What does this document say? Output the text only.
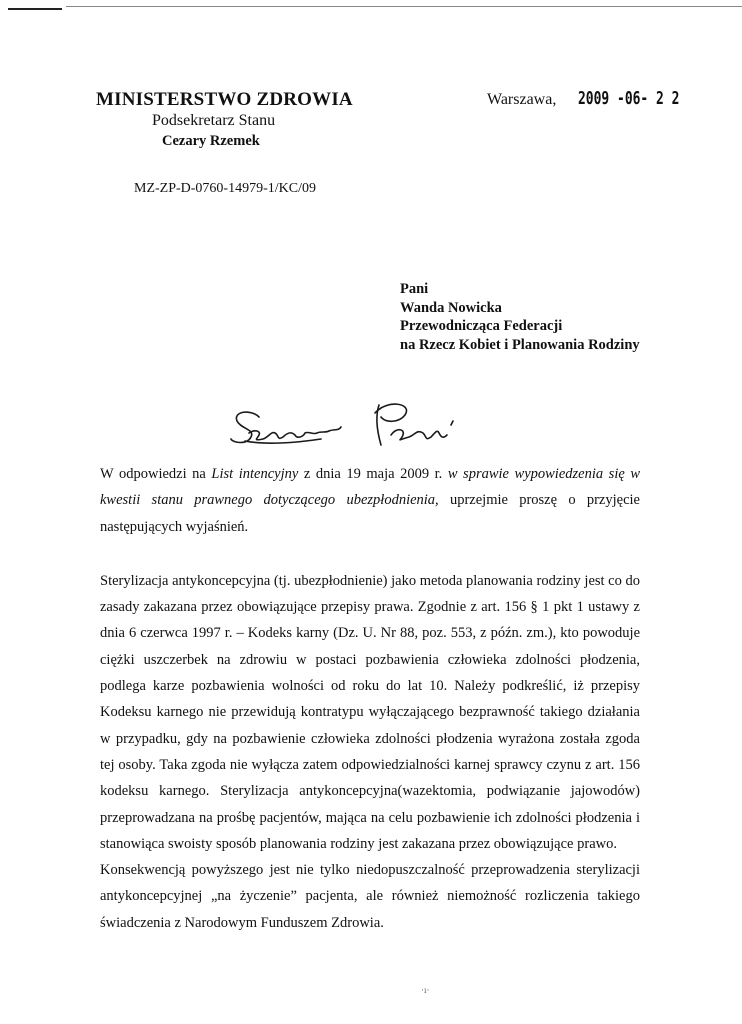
MINISTERSTWO ZDROWIA
Podsekretarz Stanu
Cezary Rzemek
Warszawa, 2009 -06- 2 2
MZ-ZP-D-0760-14979-1/KC/09
Pani
Wanda Nowicka
Przewodnicząca Federacji
na Rzecz Kobiet i Planowania Rodziny

W odpowiedzi na List intencyjny z dnia 19 maja 2009 r. w sprawie wypowiedzenia się w kwestii stanu prawnego dotyczącego ubezpłodnienia, uprzejmie proszę o przyjęcie następujących wyjaśnień.

Sterylizacja antykoncepcyjna (tj. ubezpłodnienie) jako metoda planowania rodziny jest co do zasady zakazana przez obowiązujące przepisy prawa. Zgodnie z art. 156 § 1 pkt 1 ustawy z dnia 6 czerwca 1997 r. – Kodeks karny (Dz. U. Nr 88, poz. 553, z późn. zm.), kto powoduje ciężki uszczerbek na zdrowiu w postaci pozbawienia człowieka zdolności płodzenia, podlega karze pozbawienia wolności od roku do lat 10. Należy podkreślić, iż przepisy Kodeksu karnego nie przewidują kontratypu wyłączającego bezprawność takiego działania w przypadku, gdy na pozbawienie człowieka zdolności płodzenia wyrażona została zgoda tej osoby. Taka zgoda nie wyłącza zatem odpowiedzialności karnej sprawcy czynu z art. 156 kodeksu karnego. Sterylizacja antykoncepcyjna(wazektomia, podwiązanie jajowodów) przeprowadzana na prośbę pacjentów, mająca na celu pozbawienie ich zdolności płodzenia i stanowiąca swoisty sposób planowania rodziny jest zakazana przez obowiązujące prawo.

Konsekwencją powyższego jest nie tylko niedopuszczalność przeprowadzenia sterylizacji antykoncepcyjnej „na życzenie” pacjenta, ale również niemożność rozliczenia takiego świadczenia z Narodowym Funduszem Zdrowia.

·ı·
